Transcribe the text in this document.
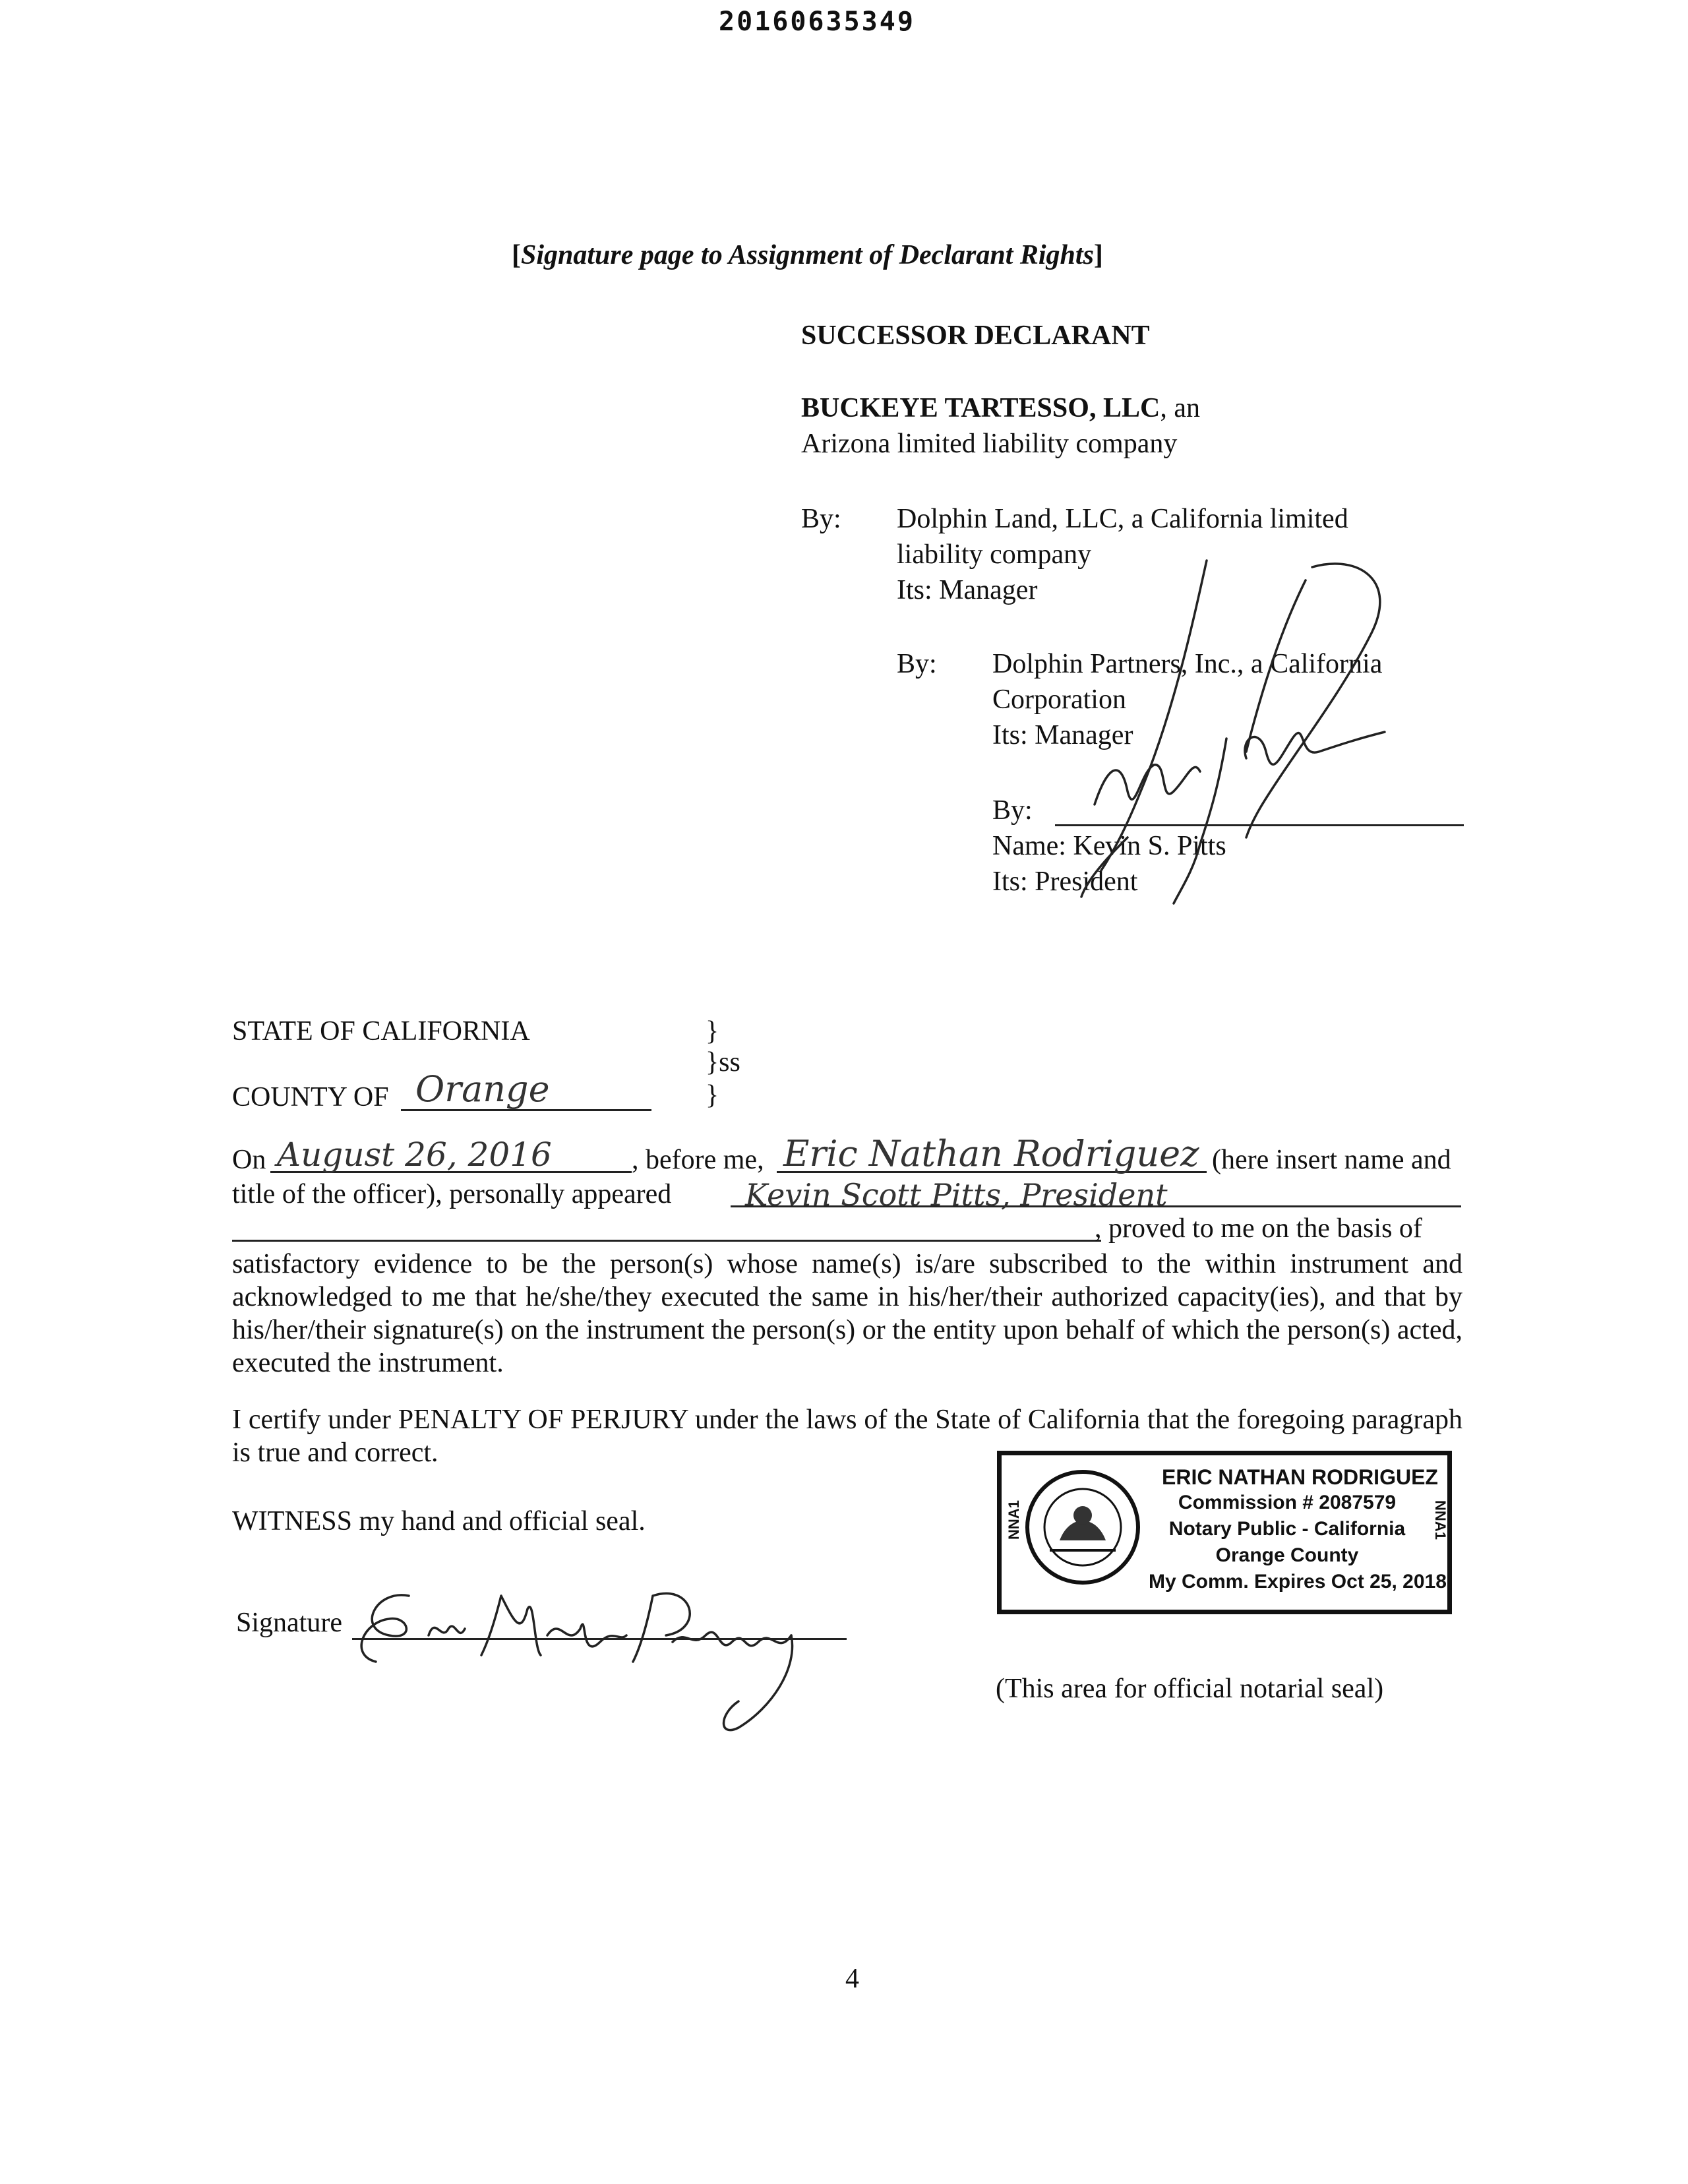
20160635349
[Signature page to Assignment of Declarant Rights]
SUCCESSOR DECLARANT
BUCKEYE TARTESSO, LLC, an
Arizona limited liability company
By: Dolphin Land, LLC, a California limited
liability company
Its: Manager
By: Dolphin Partners, Inc., a California
Corporation
Its: Manager
By:
Name: Kevin S. Pitts
Its: President
STATE OF CALIFORNIA	}
}ss
}
COUNTY OF Orange
On August 26, 2016	, before me, Eric Nathan Rodriguez (here insert name and
title of the officer), personally appeared Kevin Scott Pitts, President
, proved to me on the basis of
satisfactory evidence to be the person(s) whose name(s) is/are subscribed to the within instrument and acknowledged to me that he/she/they executed the same in his/her/their authorized capacity(ies), and that by his/her/their signature(s) on the instrument the person(s) or the entity upon behalf of which the person(s) acted, executed the instrument.
I certify under PENALTY OF PERJURY under the laws of the State of California that the foregoing paragraph is true and correct.
WITNESS my hand and official seal.
Signature
NNA1	NNA1
ERIC NATHAN RODRIGUEZ
Commission # 2087579
Notary Public - California
Orange County
My Comm. Expires Oct 25, 2018
(This area for official notarial seal)
4
